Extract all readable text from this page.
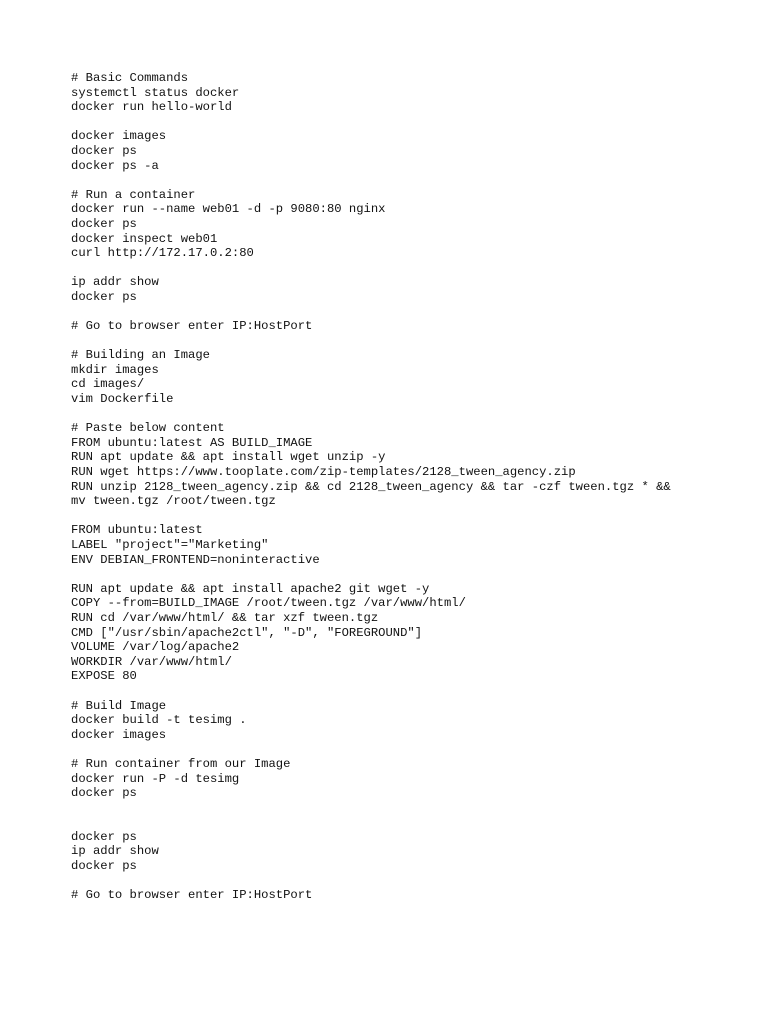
# Basic Commands
systemctl status docker
docker run hello-world
docker images
docker ps
docker ps -a
# Run a container
docker run --name web01 -d -p 9080:80 nginx
docker ps
docker inspect web01
curl http://172.17.0.2:80
ip addr show
docker ps
# Go to browser enter IP:HostPort
# Building an Image
mkdir images
cd images/
vim Dockerfile
# Paste below content
FROM ubuntu:latest AS BUILD_IMAGE
RUN apt update && apt install wget unzip -y
RUN wget https://www.tooplate.com/zip-templates/2128_tween_agency.zip
RUN unzip 2128_tween_agency.zip && cd 2128_tween_agency && tar -czf tween.tgz * &&
mv tween.tgz /root/tween.tgz
FROM ubuntu:latest
LABEL "project"="Marketing"
ENV DEBIAN_FRONTEND=noninteractive
RUN apt update && apt install apache2 git wget -y
COPY --from=BUILD_IMAGE /root/tween.tgz /var/www/html/
RUN cd /var/www/html/ && tar xzf tween.tgz
CMD ["/usr/sbin/apache2ctl", "-D", "FOREGROUND"]
VOLUME /var/log/apache2
WORKDIR /var/www/html/
EXPOSE 80
# Build Image
docker build -t tesimg .
docker images
# Run container from our Image
docker run -P -d tesimg
docker ps
docker ps
ip addr show
docker ps
# Go to browser enter IP:HostPort
